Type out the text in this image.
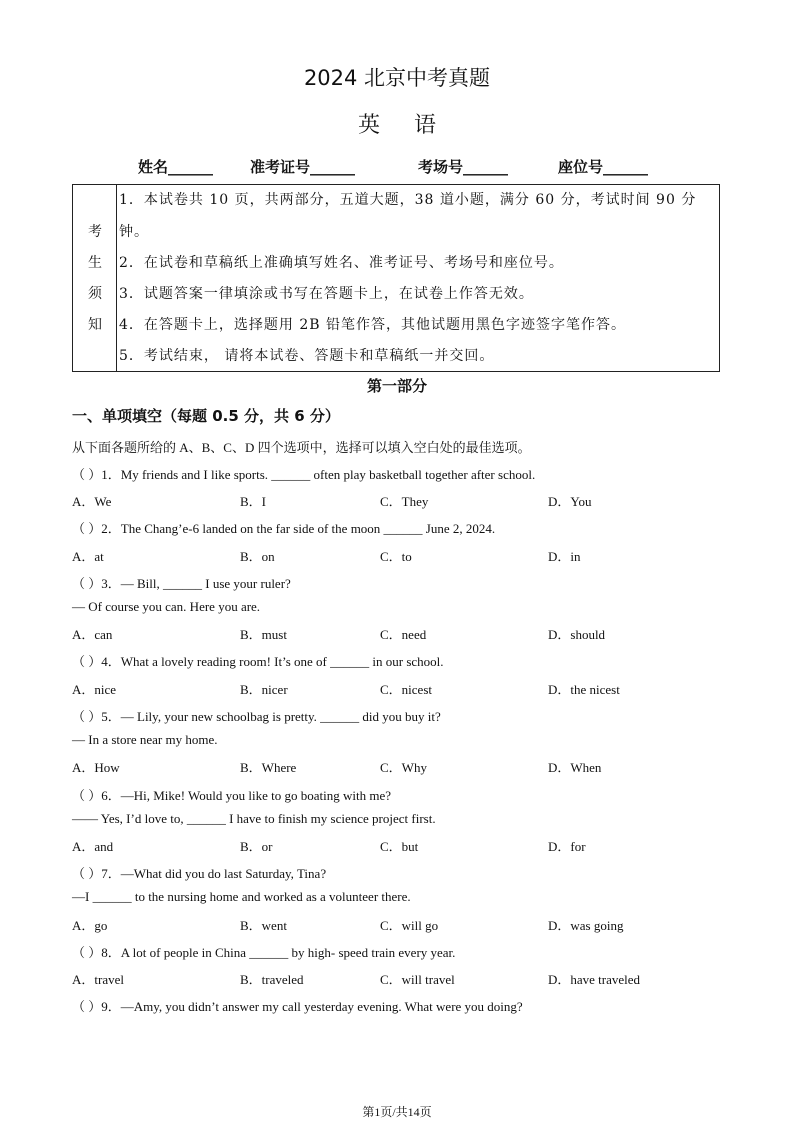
2024 北京中考真题
英语
姓名______ 准考证号______	考场号______	座位号______
考
生
须
知
1．本试卷共 10 页，共两部分，五道大题，38 道小题，满分 60 分，考试时间 90 分
钟。
2．在试卷和草稿纸上准确填写姓名、准考证号、考场号和座位号。
3．试题答案一律填涂或书写在答题卡上，在试卷上作答无效。
4．在答题卡上，选择题用 2B 铅笔作答，其他试题用黑色字迹签字笔作答。
5．考试结束， 请将本试卷、答题卡和草稿纸一并交回。
第一部分
一、单项填空（每题 0.5 分，共 6 分）
从下面各题所给的 A、B、C、D 四个选项中，选择可以填入空白处的最佳选项。
（ ）1．My friends and I like sports. ______ often play basketball together after school.
A．We	B．I	C．They	D．You
（ ）2．The Chang’e-6 landed on the far side of the moon ______ June 2, 2024.
A．at	B．on	C．to	D．in
（ ）3．— Bill, ______ I use your ruler?
— Of course you can. Here you are.
A．can	B．must	C．need	D．should
（ ）4．What a lovely reading room! It’s one of ______ in our school.
A．nice	B．nicer	C．nicest	D．the nicest
（ ）5．— Lily, your new schoolbag is pretty. ______ did you buy it?
— In a store near my home.
A．How	B．Where	C．Why	D．When
（ ）6．—Hi, Mike! Would you like to go boating with me?
—— Yes, I’d love to, ______ I have to finish my science project first.
A．and	B．or	C．but	D．for
（ ）7．—What did you do last Saturday, Tina?
—I ______ to the nursing home and worked as a volunteer there.
A．go	B．went	C．will go	D．was going
（ ）8．A lot of people in China ______ by high- speed train every year.
A．travel	B．traveled	C．will travel	D．have traveled
（ ）9．—Amy, you didn’t answer my call yesterday evening. What were you doing?
第1页/共14页
